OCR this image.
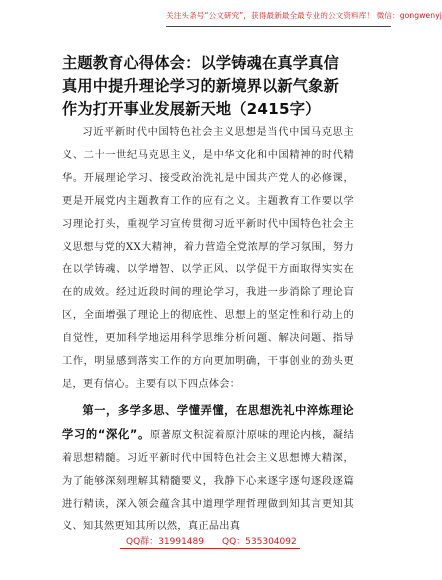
关注头条号“公文研究”，获得最新最全最专业的公文资料库！ 微信：gongwenyj
主题教育心得体会：以学铸魂在真学真信真用中提升理论学习的新境界以新气象新作为打开事业发展新天地（2415字）

习近平新时代中国特色社会主义思想是当代中国马克思主义、二十一世纪马克思主义，是中华文化和中国精神的时代精华。开展理论学习、接受政治洗礼是中国共产党人的必修课，更是开展党内主题教育工作的应有之义。主题教育工作要以学习理论打头，重视学习宣传贯彻习近平新时代中国特色社会主义思想与党的XX大精神，着力营造全党浓厚的学习氛围，努力在以学铸魂、以学增智、以学正风、以学促干方面取得实实在在的成效。经过近段时间的理论学习，我进一步消除了理论盲区，全面增强了理论上的彻底性、思想上的坚定性和行动上的自觉性，更加科学地运用科学思维分析问题、解决问题、指导工作，明显感到落实工作的方向更加明确，干事创业的劲头更足，更有信心。主要有以下四点体会：

第一，多学多思、学懂弄懂，在思想洗礼中淬炼理论学习的“深化”。原著原文积淀着原汁原味的理论内核，凝结着思想精髓。习近平新时代中国特色社会主义思想博大精深，为了能够深刻理解其精髓要义，我静下心来逐字逐句逐段逐篇进行精读，深入领会蕴含其中道理学理哲理做到知其言更知其义、知其然更知其所以然，真正品出真

QQ群：31991489 QQ：535304092
